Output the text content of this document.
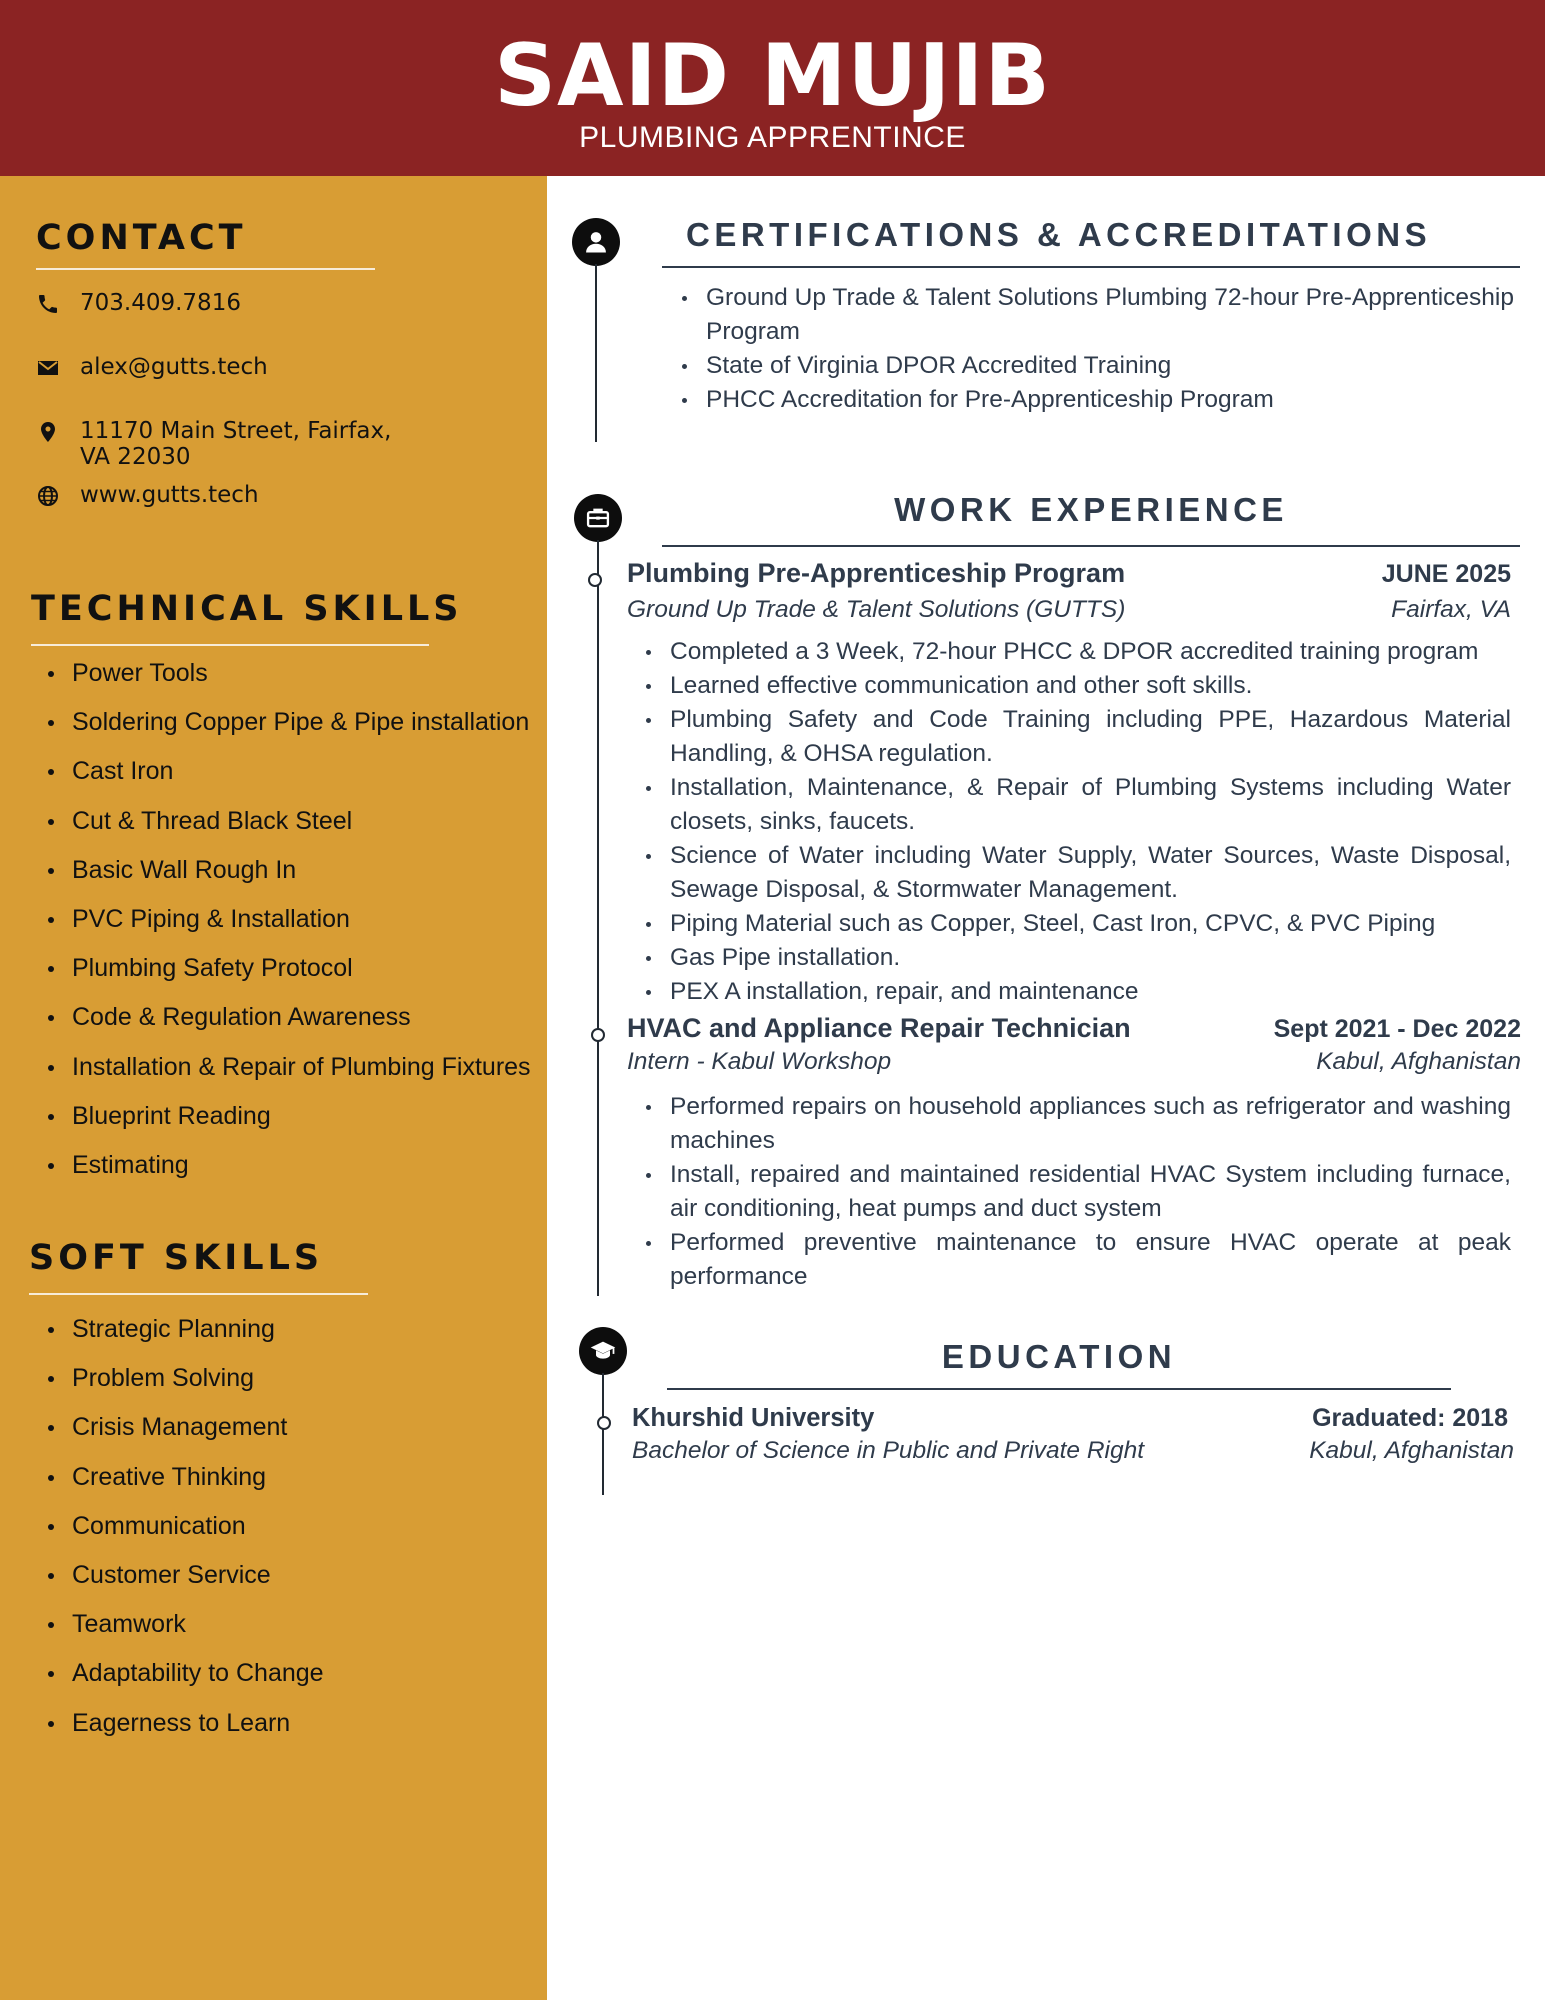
SAID MUJIB
PLUMBING APPRENTINCE
CONTACT
703.409.7816
alex@gutts.tech
11170 Main Street, Fairfax,
VA 22030
www.gutts.tech
TECHNICAL SKILLS
Power Tools
Soldering Copper Pipe & Pipe installation
Cast Iron
Cut & Thread Black Steel
Basic Wall Rough In
PVC Piping & Installation
Plumbing Safety Protocol
Code & Regulation Awareness
Installation & Repair of Plumbing Fixtures
Blueprint Reading
Estimating
SOFT SKILLS
Strategic Planning
Problem Solving
Crisis Management
Creative Thinking
Communication
Customer Service
Teamwork
Adaptability to Change
Eagerness to Learn
CERTIFICATIONS & ACCREDITATIONS
Ground Up Trade & Talent Solutions Plumbing 72-hour Pre-Apprenticeship Program
State of Virginia DPOR Accredited Training
PHCC Accreditation for Pre-Apprenticeship Program
WORK EXPERIENCE
Plumbing Pre-Apprenticeship Program	JUNE 2025
Ground Up Trade & Talent Solutions (GUTTS)	Fairfax, VA
Completed a 3 Week, 72-hour PHCC & DPOR accredited training program
Learned effective communication and other soft skills.
Plumbing Safety and Code Training including PPE, Hazardous Material Handling, & OHSA regulation.
Installation, Maintenance, & Repair of Plumbing Systems including Water closets, sinks, faucets.
Science of Water including Water Supply, Water Sources, Waste Disposal, Sewage Disposal, & Stormwater Management.
Piping Material such as Copper, Steel, Cast Iron, CPVC, & PVC Piping
Gas Pipe installation.
PEX A installation, repair, and maintenance
HVAC and Appliance Repair Technician	Sept 2021 - Dec 2022
Intern - Kabul Workshop	Kabul, Afghanistan
Performed repairs on household appliances such as refrigerator and washing machines
Install, repaired and maintained residential HVAC System including furnace, air conditioning, heat pumps and duct system
Performed preventive maintenance to ensure HVAC operate at peak performance
EDUCATION
Khurshid University	Graduated: 2018
Bachelor of Science in Public and Private Right	Kabul, Afghanistan
